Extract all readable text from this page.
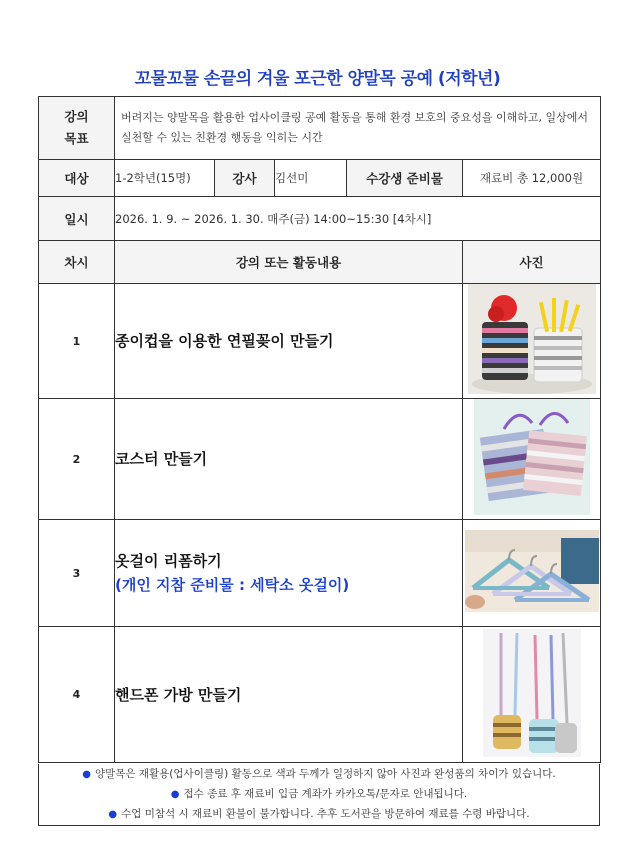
꼬물꼬물 손끝의 겨울 포근한 양말목 공예 (저학년)
강의
목표	버려지는 양말목을 활용한 업사이클링 공예 활동을 통해 환경 보호의 중요성을 이해하고, 일상에서 실천할 수 있는 친환경 행동을 익히는 시간				

대상	1-2학년(15명)	강사	김선미	수강생 준비물	재료비 총 12,000원
일시	2026. 1. 9. ~ 2026. 1. 30. 매주(금) 14:00~15:30 [4차시]				
차시	강의 또는 활동내용				사진
1	종이컵을 이용한 연필꽂이 만들기	
2	코스터 만들기	
3	옷걸이 리폼하기
(개인 지참 준비물 : 세탁소 옷걸이)

4	핸드폰 가방 만들기	
● 양말목은 재활용(업사이클링) 활동으로 색과 두께가 일정하지 않아 사진과 완성품의 차이가 있습니다.
● 접수 종료 후 재료비 입금 계좌가 카카오톡/문자로 안내됩니다.
● 수업 미참석 시 재료비 환불이 불가합니다. 추후 도서관을 방문하여 재료를 수령 바랍니다.
